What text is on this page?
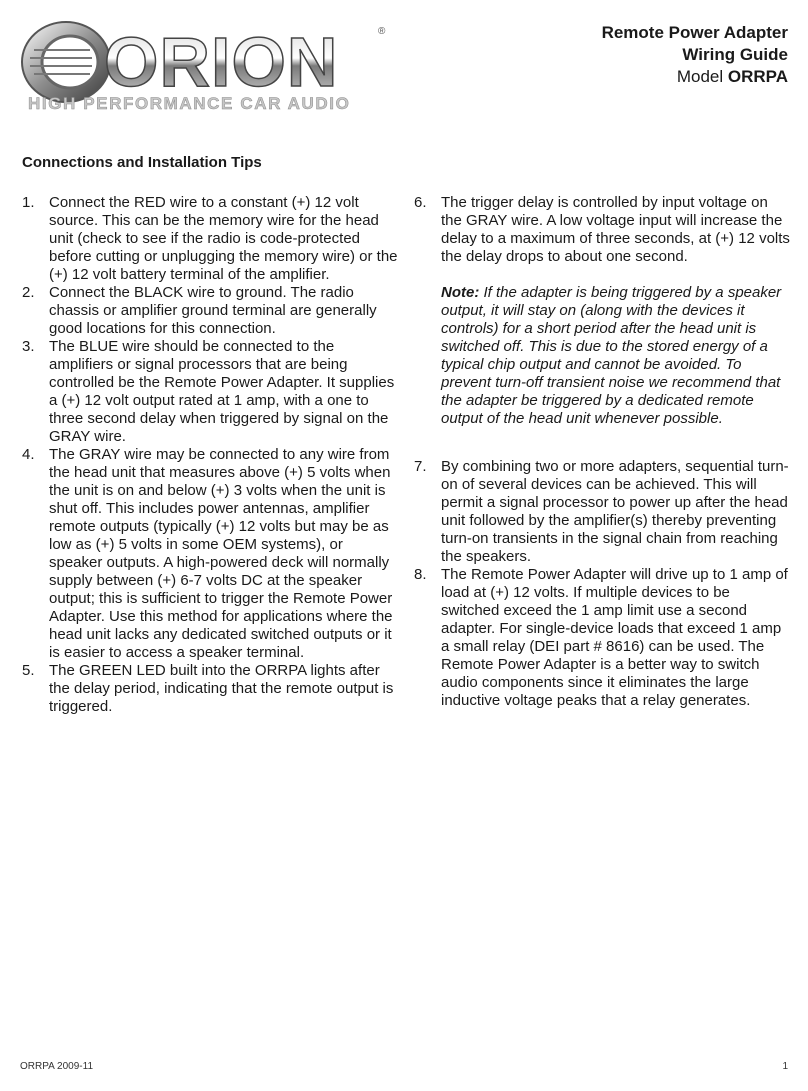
ORION	®
HIGH PERFORMANCE CAR AUDIO
Remote Power Adapter
Wiring Guide
Model ORRPA
Connections and Installation Tips
1. Connect the RED wire to a constant (+) 12 volt source. This can be the memory wire for the head unit (check to see if the radio is code-protected before cutting or unplugging the memory wire) or the (+) 12 volt battery terminal of the amplifier.
2. Connect the BLACK wire to ground. The radio chassis or amplifier ground terminal are generally good locations for this connection.
3. The BLUE wire should be connected to the amplifiers or signal processors that are being controlled be the Remote Power Adapter. It supplies a (+) 12 volt output rated at 1 amp, with a one to three second delay when triggered by signal on the GRAY wire.
4. The GRAY wire may be connected to any wire from the head unit that measures above (+) 5 volts when the unit is on and below (+) 3 volts when the unit is shut off. This includes power antennas, amplifier remote outputs (typically (+) 12 volts but may be as low as (+) 5 volts in some OEM systems), or speaker outputs. A high-powered deck will normally supply between (+) 6-7 volts DC at the speaker output; this is sufficient to trigger the Remote Power Adapter. Use this method for applications where the head unit lacks any dedicated switched outputs or it is easier to access a speaker terminal.
5. The GREEN LED built into the ORRPA lights after the delay period, indicating that the remote output is triggered.
6. The trigger delay is controlled by input voltage on the GRAY wire. A low voltage input will increase the delay to a maximum of three seconds, at (+) 12 volts the delay drops to about one second.
Note: If the adapter is being triggered by a speaker output, it will stay on (along with the devices it controls) for a short period after the head unit is switched off. This is due to the stored energy of a typical chip output and cannot be avoided. To prevent turn-off transient noise we recommend that the adapter be triggered by a dedicated remote output of the head unit whenever possible.
7. By combining two or more adapters, sequential turn-on of several devices can be achieved. This will permit a signal processor to power up after the head unit followed by the amplifier(s) thereby preventing turn-on transients in the signal chain from reaching the speakers.
8. The Remote Power Adapter will drive up to 1 amp of load at (+) 12 volts. If multiple devices to be switched exceed the 1 amp limit use a second adapter. For single-device loads that exceed 1 amp a small relay (DEI part # 8616) can be used. The Remote Power Adapter is a better way to switch audio components since it eliminates the large inductive voltage peaks that a relay generates.
ORRPA 2009-11	1
